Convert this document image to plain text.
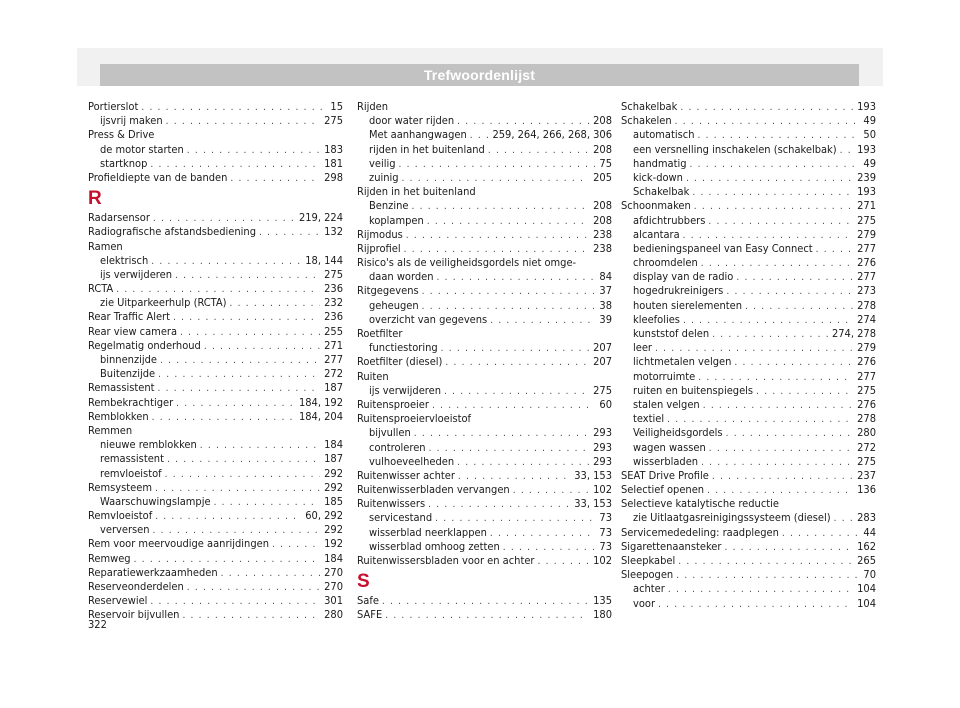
Trefwoordenlijst
Portierslot . . .	15
ijsvrij maken . . .	275
Press & Drive
de motor starten . . .	183
startknop . . .	181
Profieldiepte van de banden . . .	298
R
Radarsensor . . .	219, 224
Radiografische afstandsbediening . . .	132
Ramen
elektrisch . . .	18, 144
ijs verwijderen . . .	275
RCTA . . .	236
zie Uitparkeerhulp (RCTA) . . .	232
Rear Traffic Alert . . .	236
Rear view camera . . .	255
Regelmatig onderhoud . . .	271
binnenzijde . . .	277
Buitenzijde . . .	272
Remassistent . . .	187
Rembekrachtiger . . .	184, 192
Remblokken . . .	184, 204
Remmen
nieuwe remblokken . . .	184
remassistent . . .	187
remvloeistof . . .	292
Remsysteem . . .	292
Waarschuwingslampje . . .	185
Remvloeistof . . .	60, 292
verversen . . .	292
Rem voor meervoudige aanrijdingen . . .	192
Remweg . . .	184
Reparatiewerkzaamheden . . .	270
Reserveonderdelen . . .	270
Reservewiel . . .	301
Reservoir bijvullen . . .	280
Rijden
door water rijden . . .	208
Met aanhangwagen . . . 259, 264, 266, 268, 306
rijden in het buitenland . . .	208
veilig . . .	75
zuinig . . .	205
Rijden in het buitenland
Benzine . . .	208
koplampen . . .	208
Rijmodus . . .	238
Rijprofiel . . .	238
Risico's als de veiligheidsgordels niet omge-
daan worden . . .	84
Ritgegevens . . .	37
geheugen . . .	38
overzicht van gegevens . . .	39
Roetfilter
functiestoring . . .	207
Roetfilter (diesel) . . .	207
Ruiten
ijs verwijderen . . .	275
Ruitensproeier . . .	60
Ruitensproeiervloeistof
bijvullen . . .	293
controleren . . .	293
vulhoeveelheden . . .	293
Ruitenwisser achter . . .	33, 153
Ruitenwisserbladen vervangen . . .	102
Ruitenwissers . . .	33, 153
servicestand . . .	73
wisserblad neerklappen . . .	73
wisserblad omhoog zetten . . .	73
Ruitenwissersbladen voor en achter . . .	102
S
Safe . . .	135
SAFE . . .	180
Schakelbak . . .	193
Schakelen . . .	49
automatisch . . .	50
een versnelling inschakelen (schakelbak) . . . 193
handmatig . . .	49
kick-down . . .	239
Schakelbak . . .	193
Schoonmaken . . .	271
afdichtrubbers . . .	275
alcantara . . .	279
bedieningspaneel van Easy Connect . . .	277
chroomdelen . . .	276
display van de radio . . .	277
hogedrukreinigers . . .	273
houten sierelementen . . .	278
kleefolies . . .	274
kunststof delen . . .	274, 278
leer . . .	279
lichtmetalen velgen . . .	276
motorruimte . . .	277
ruiten en buitenspiegels . . .	275
stalen velgen . . .	276
textiel . . .	278
Veiligheidsgordels . . .	280
wagen wassen . . .	272
wisserbladen . . .	275
SEAT Drive Profile . . .	237
Selectief openen . . .	136
Selectieve katalytische reductie
zie Uitlaatgasreinigingssysteem (diesel) . . . 283
Servicemededeling: raadplegen . . .	44
Sigarettenaansteker . . .	162
Sleepkabel . . .	265
Sleepogen . . .	70
achter . . .	104
voor . . .	104
322
